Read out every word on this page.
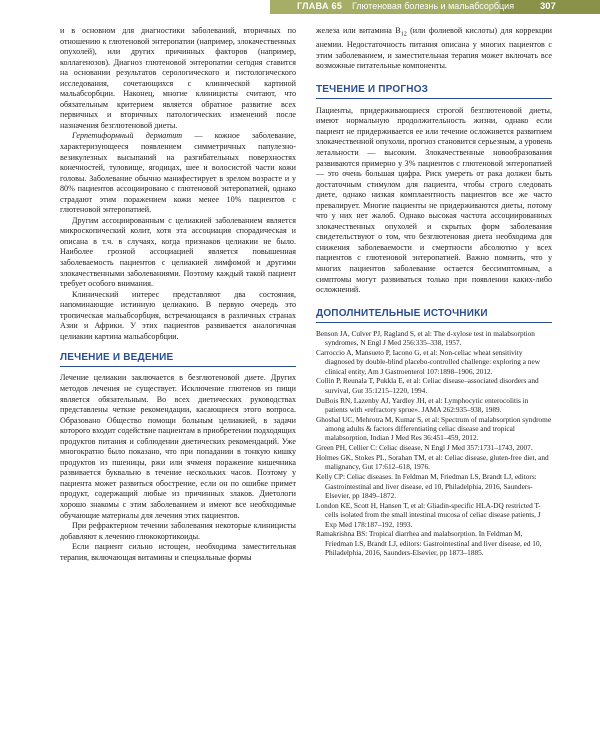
ГЛАВА 65 Глютеновая болезнь и мальабсорбция	307

и в основном для диагностики заболеваний, вторичных по отношению к глютеновой энтеропатии (например, злокачественных опухолей), или других причинных факторов (например, коллагенозов). Диагноз глютеновой энтеропатии сегодня ставится на основании результатов серологического и гистологического исследования, сочетающихся с клинической картиной мальабсорбции. Наконец, многие клиницисты считают, что обязательным критерием является обратное развитие всех первичных и вторичных патологических изменений после назначения безглютеновой диеты.

Герпетиформный дерматит — кожное заболевание, характеризующееся появлением симметричных папулезно-везикулезных высыпаний на разгибательных поверхностях конечностей, туловище, ягодицах, шее и волосистой части кожи головы. Заболевание обычно манифестирует в зрелом возрасте и у 80% пациентов ассоциировано с глютеновой энтеропатией, однако страдают этим поражением кожи менее 10% пациентов с глютеновой энтеропатией.

Другим ассоциированным с целиакией заболеванием является микроскопический колит, хотя эта ассоциация спорадическая и описана в т.ч. в случаях, когда признаков целиакии не было. Наиболее грозной ассоциацией является повышенная заболеваемость пациентов с целиакией лимфомой и другими злокачественными заболеваниями. Поэтому каждый такой пациент требует особого внимания.

Клинический интерес представляют два состояния, напоминающие истинную целиакию. В первую очередь это тропическая мальабсорбция, встречающаяся в различных странах Азии и Африки. У этих пациентов развивается аналогичная целиакии картина мальабсорбции.

ЛЕЧЕНИЕ И ВЕДЕНИЕ

Лечение целиакии заключается в безглютеновой диете. Других методов лечения не существует. Исключение глютенов из пищи является обязательным. Во всех диетических руководствах представлены четкие рекомендации, касающиеся этого вопроса. Образовано Общество помощи больным целиакией, в задачи которого входит содействие пациентам в приобретении подходящих продуктов питания и соблюдении диетических рекомендаций. Уже многократно было показано, что при попадании в тонкую кишку продуктов из пшеницы, ржи или ячменя поражение кишечника развивается буквально в течение нескольких часов. Поэтому у пациента может развиться обострение, если он по ошибке примет продукт, содержащий любые из причинных злаков. Диетологи хорошо знакомы с этим заболеванием и имеют все необходимые обучающие материалы для лечения этих пациентов.

При рефрактерном течении заболевания некоторые клиницисты добавляют к лечению глюкокортикоиды.

Если пациент сильно истощен, необходима заместительная терапия, включающая витамины и специальные формы

железа или витамина $B_{12}$ (или фолиевой кислоты) для коррекции анемии. Недостаточность питания описана у многих пациентов с этим заболеванием, и заместительная терапия может включать все возможные питательные компоненты.

ТЕЧЕНИЕ И ПРОГНОЗ

Пациенты, придерживающиеся строгой безглютеновой диеты, имеют нормальную продолжительность жизни, однако если пациент не придерживается ее или течение осложняется развитием злокачественной опухоли, прогноз становится серьезным, а уровень летальности — высоким. Злокачественные новообразования развиваются примерно у 3% пациентов с глютеновой энтеропатией — это очень большая цифра. Риск умереть от рака должен быть достаточным стимулом для пациента, чтобы строго следовать диете, однако низкая комплаентность пациентов все же часто превалирует. Многие пациенты не придерживаются диеты, потому что у них нет жалоб. Однако высокая частота ассоциированных злокачественных опухолей и скрытых форм заболевания свидетельствуют о том, что безглютеновая диета необходима для снижения заболеваемости и смертности абсолютно у всех пациентов с глютеновой энтеропатией. Важно помнить, что у многих пациентов заболевание остается бессимптомным, а симптомы могут развиваться только при появлении каких-либо осложнений.

ДОПОЛНИТЕЛЬНЫЕ ИСТОЧНИКИ

Benson JA, Culver PJ, Ragland S, et al: The d-xylose test in malabsorption syndromes, N Engl J Med 256:335–338, 1957.

Carroccio A, Mansueto P, Iacono G, et al: Non-celiac wheat sensitivity diagnosed by double-blind placebo-controlled challenge: exploring a new clinical entity, Am J Gastroenterol 107:1898–1906, 2012.

Collin P, Reunala T, Pukkla E, et al: Celiac disease–associated disorders and survival, Gut 35:1215–1220, 1994.

DuBois RN, Lazenby AJ, Yardley JH, et al: Lymphocytic enterocolitis in patients with «refractory sprue». JAMA 262:935–938, 1989.

Ghoshal UC, Mehrotra M, Kumar S, et al: Spectrum of malabsorption syndrome among adults & factors differentiating celiac disease and tropical malabsorption, Indian J Med Res 36:451–459, 2012.

Green PH, Cellier C: Celiac disease, N Engl J Med 357:1731–1743, 2007.

Holmes GK, Stokes PL, Sorahan TM, et al: Celiac disease, gluten-free diet, and malignancy, Gut 17:612–618, 1976.

Kelly CP: Celiac diseases. In Feldman M, Friedman LS, Brandt LJ, editors: Gastrointestinal and liver disease, ed 10, Philadelphia, 2016, Saunders-Elsevier, pp 1849–1872.

London KE, Scott H, Hansen T, et al: Gliadin-specific HLA-DQ restricted T-cells isolated from the small intestinal mucosa of celiac disease patients, J Exp Med 178:187–192, 1993.

Ramakrishna BS: Tropical diarrhea and malabsorption. In Feldman M, Friedman LS, Brandt LJ, editors: Gastrointestinal and liver disease, ed 10, Philadelphia, 2016, Saunders-Elsevier, pp 1873–1885.
